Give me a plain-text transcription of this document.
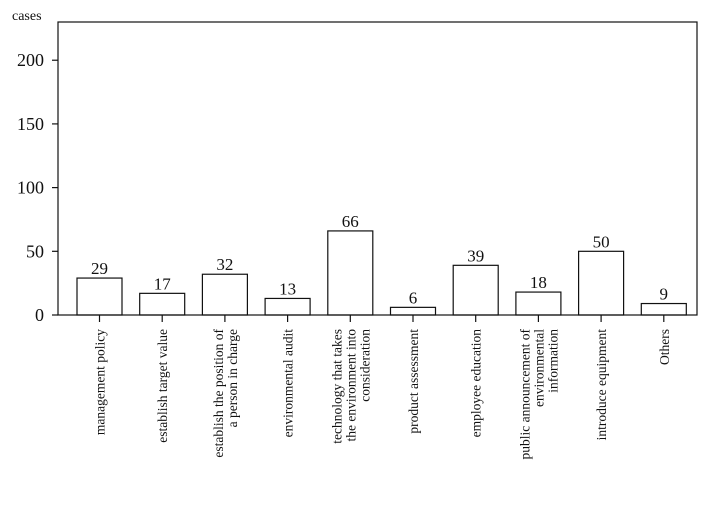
cases
0
50
100
150
200
29
management policy
17
establish target value
32
establish the position of a person in charge
13
environmental audit
66
technology that takes the environment into consideration
6
product assessment
39
employee education
18
public announcement of environmental information
50
introduce equipment
9
Others
